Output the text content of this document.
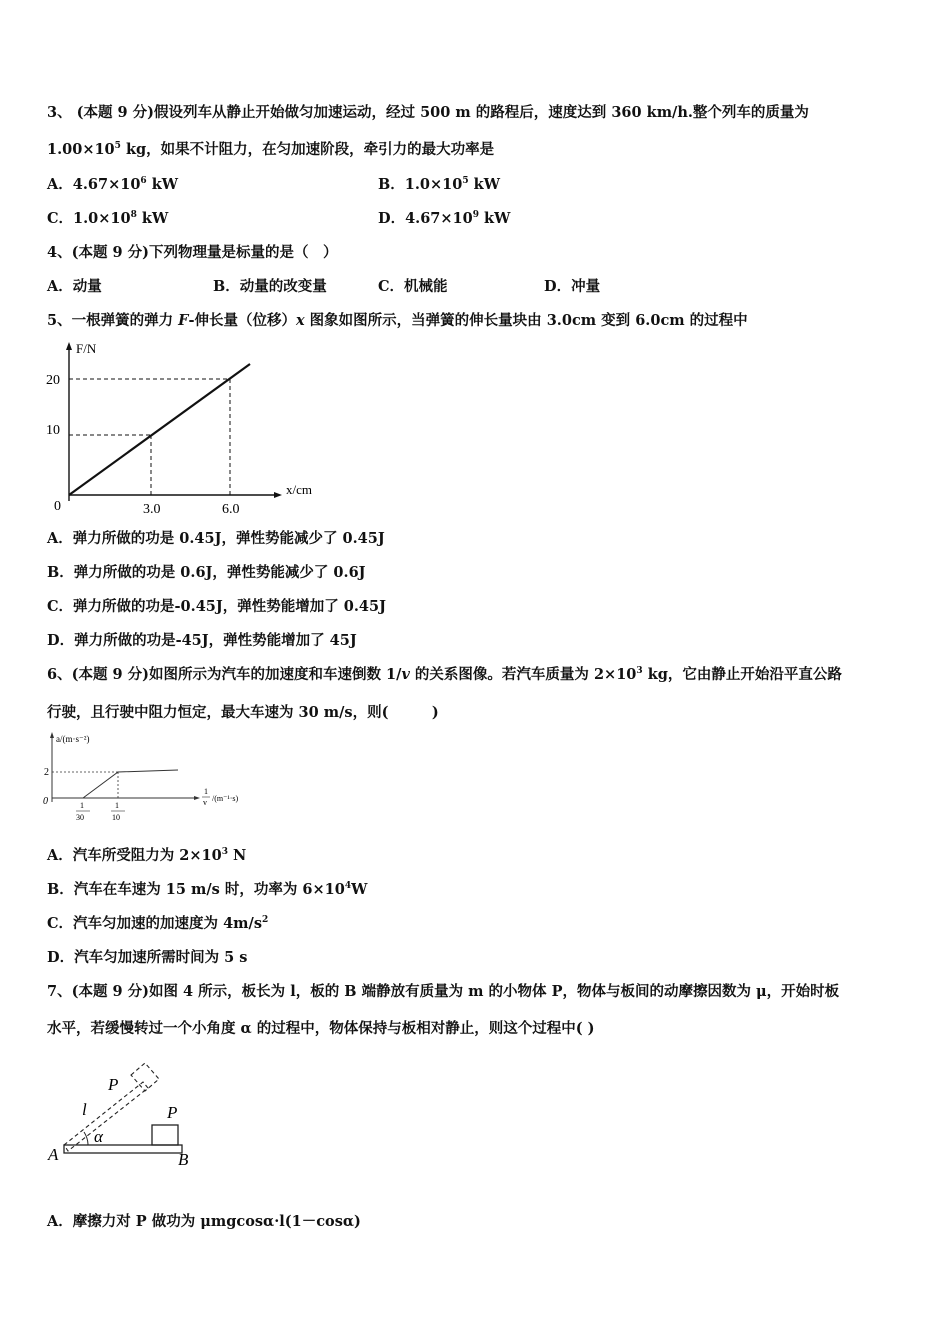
3、 (本题 9 分)假设列车从静止开始做匀加速运动，经过 500 m 的路程后，速度达到 360 km/h.整个列车的质量为
$1.00\times 10^5$ kg，如果不计阻力，在匀加速阶段，牵引力的最大功率是
A．$4.67\times 10^6$ kW	B．$1.0\times 10^5$ kW
C．$1.0\times 10^8$ kW	D．$4.67\times 10^9$ kW
4、(本题 9 分)下列物理量是标量的是（　）
A．动量	B．动量的改变量	C．机械能	D．冲量
5、一根弹簧的弹力 F-伸长量（位移）x 图象如图所示，当弹簧的伸长量块由 3.0cm 变到 6.0cm 的过程中
F/N
x/cm
20
10
0	3.0	6.0
A．弹力所做的功是 0.45J，弹性势能减少了 0.45J
B．弹力所做的功是 0.6J，弹性势能减少了 0.6J
C．弹力所做的功是-0.45J，弹性势能增加了 0.45J
D．弹力所做的功是-45J，弹性势能增加了 45J
6、(本题 9 分)如图所示为汽车的加速度和车速倒数 1/v 的关系图像。若汽车质量为 $2\times 10^3$ kg，它由静止开始沿平直公路
行驶，且行驶中阻力恒定，最大车速为 30 m/s，则(　　　)
a/(m·s⁻²)
2
0	1
30
1
10
1
v /(m⁻¹·s)
A．汽车所受阻力为 $2\times 10^3$ N
B．汽车在车速为 15 m/s 时，功率为 $6\times 10^4W$
C．汽车匀加速的加速度为 $4m/s^2$
D．汽车匀加速所需时间为 5 s
7、(本题 9 分)如图 4 所示，板长为 l，板的 B 端静放有质量为 m 的小物体 P，物体与板间的动摩擦因数为 μ，开始时板
水平，若缓慢转过一个小角度 α 的过程中，物体保持与板相对静止，则这个过程中( )
P
l	P
α
A	B
A．摩擦力对 P 做功为 μmgcosα·l(1－cosα)
